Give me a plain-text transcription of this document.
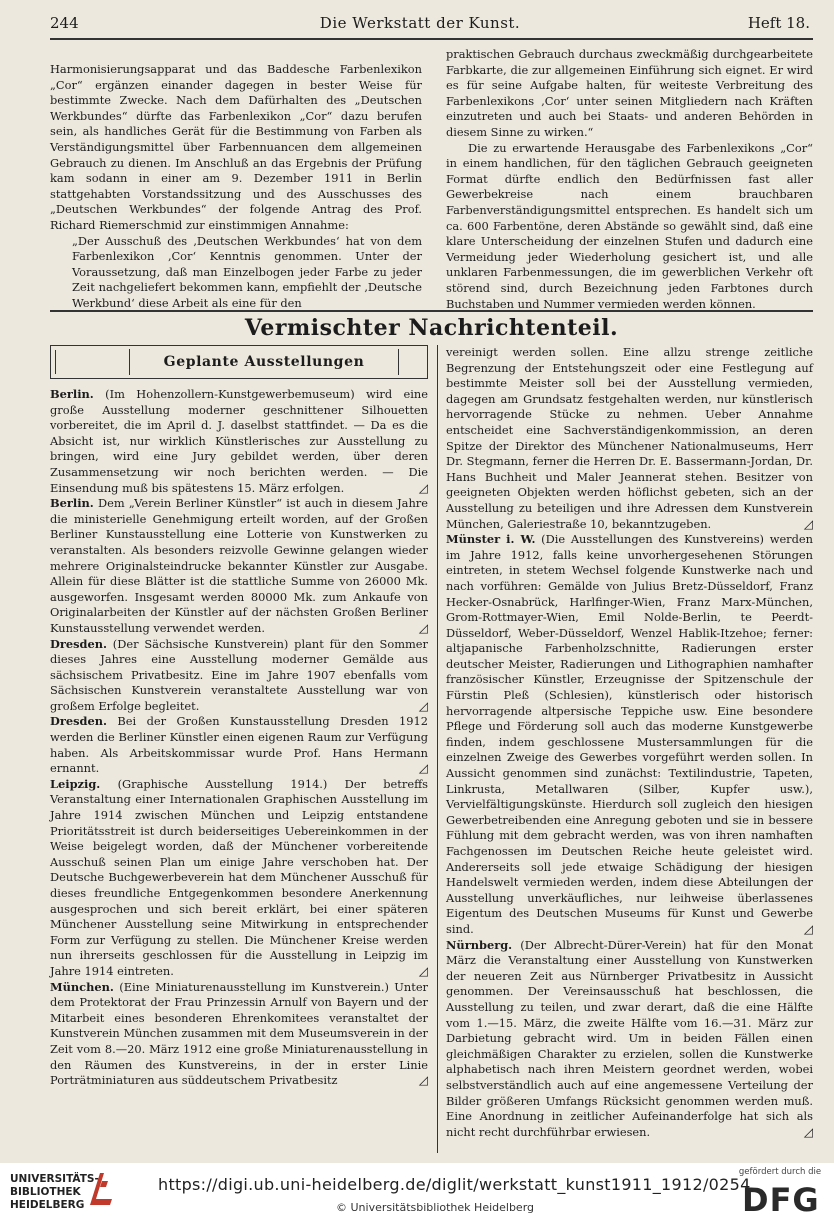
244	Die Werkstatt der Kunst.	Heft 18.

Harmonisierungsapparat und das Baddesche Farbenlexikon „Cor“ ergänzen einander dagegen in bester Weise für bestimmte Zwecke. Nach dem Dafürhalten des „Deutschen Werkbundes“ dürfte das Farbenlexikon „Cor“ dazu berufen sein, als handliches Gerät für die Bestimmung von Farben als Verständigungsmittel über Farbennuancen dem allgemeinen Gebrauch zu dienen. Im Anschluß an das Ergebnis der Prüfung kam sodann in einer am 9. Dezember 1911 in Berlin stattgehabten Vorstandssitzung und des Ausschusses des „Deutschen Werkbundes“ der folgende Antrag des Prof. Richard Riemerschmid zur einstimmigen Annahme:

„Der Ausschuß des ‚Deutschen Werkbundes‘ hat von dem Farbenlexikon ‚Cor‘ Kenntnis genommen. Unter der Voraussetzung, daß man Einzelbogen jeder Farbe zu jeder Zeit nachgeliefert bekommen kann, empfiehlt der ‚Deutsche Werkbund‘ diese Arbeit als eine für den

praktischen Gebrauch durchaus zweckmäßig durchgearbeitete Farbkarte, die zur allgemeinen Einführung sich eignet. Er wird es für seine Aufgabe halten, für weiteste Verbreitung des Farbenlexikons ‚Cor‘ unter seinen Mitgliedern nach Kräften einzutreten und auch bei Staats- und anderen Behörden in diesem Sinne zu wirken.“

Die zu erwartende Herausgabe des Farbenlexikons „Cor“ in einem handlichen, für den täglichen Gebrauch geeigneten Format dürfte endlich den Bedürfnissen fast aller Gewerbekreise nach einem brauchbaren Farbenverständigungsmittel entsprechen. Es handelt sich um ca. 600 Farbentöne, deren Abstände so gewählt sind, daß eine klare Unterscheidung der einzelnen Stufen und dadurch eine Vermeidung jeder Wiederholung gesichert ist, und alle unklaren Farbenmessungen, die im gewerblichen Verkehr oft störend sind, durch Bezeichnung jeden Farbtones durch Buchstaben und Nummer vermieden werden können.

Vermischter Nachrichtenteil.
Geplante Ausstellungen

Berlin. (Im Hohenzollern-Kunstgewerbemuseum) wird eine große Ausstellung moderner geschnittener Silhouetten vorbereitet, die im April d. J. daselbst stattfindet. — Da es die Absicht ist, nur wirklich Künstlerisches zur Ausstellung zu bringen, wird eine Jury gebildet werden, über deren Zusammensetzung wir noch berichten werden. — Die Einsendung muß bis spätestens 15. März erfolgen.	◿

Berlin. Dem „Verein Berliner Künstler“ ist auch in diesem Jahre die ministerielle Genehmigung erteilt worden, auf der Großen Berliner Kunstausstellung eine Lotterie von Kunstwerken zu veranstalten. Als besonders reizvolle Gewinne gelangen wieder mehrere Originalsteindrucke bekannter Künstler zur Ausgabe. Allein für diese Blätter ist die stattliche Summe von 26000 Mk. ausgeworfen. Insgesamt werden 80000 Mk. zum Ankaufe von Originalarbeiten der Künstler auf der nächsten Großen Berliner Kunstausstellung verwendet werden.	◿

Dresden. (Der Sächsische Kunstverein) plant für den Sommer dieses Jahres eine Ausstellung moderner Gemälde aus sächsischem Privatbesitz. Eine im Jahre 1907 ebenfalls vom Sächsischen Kunstverein veranstaltete Ausstellung war von großem Erfolge begleitet.	◿

Dresden. Bei der Großen Kunstausstellung Dresden 1912 werden die Berliner Künstler einen eigenen Raum zur Verfügung haben. Als Arbeitskommissar wurde Prof. Hans Hermann ernannt.	◿

Leipzig. (Graphische Ausstellung 1914.) Der betreffs Veranstaltung einer Internationalen Graphischen Ausstellung im Jahre 1914 zwischen München und Leipzig entstandene Prioritätsstreit ist durch beiderseitiges Uebereinkommen in der Weise beigelegt worden, daß der Münchener vorbereitende Ausschuß seinen Plan um einige Jahre verschoben hat. Der Deutsche Buchgewerbeverein hat dem Münchener Ausschuß für dieses freundliche Entgegenkommen besondere Anerkennung ausgesprochen und sich bereit erklärt, bei einer späteren Münchener Ausstellung seine Mitwirkung in entsprechender Form zur Verfügung zu stellen. Die Münchener Kreise werden nun ihrerseits geschlossen für die Ausstellung in Leipzig im Jahre 1914 eintreten.	◿

München. (Eine Miniaturenausstellung im Kunstverein.) Unter dem Protektorat der Frau Prinzessin Arnulf von Bayern und der Mitarbeit eines besonderen Ehrenkomitees veranstaltet der Kunstverein München zusammen mit dem Museumsverein in der Zeit vom 8.—20. März 1912 eine große Miniaturenausstellung in den Räumen des Kunstvereins, in der in erster Linie Porträtminiaturen aus süddeutschem Privatbesitz	◿

vereinigt werden sollen. Eine allzu strenge zeitliche Begrenzung der Entstehungszeit oder eine Festlegung auf bestimmte Meister soll bei der Ausstellung vermieden, dagegen am Grundsatz festgehalten werden, nur künstlerisch hervorragende Stücke zu nehmen. Ueber Annahme entscheidet eine Sachverständigenkommission, an deren Spitze der Direktor des Münchener Nationalmuseums, Herr Dr. Stegmann, ferner die Herren Dr. E. Bassermann-Jordan, Dr. Hans Buchheit und Maler Jeannerat stehen. Besitzer von geeigneten Objekten werden höflichst gebeten, sich an der Ausstellung zu beteiligen und ihre Adressen dem Kunstverein München, Galeriestraße 10, bekanntzugeben.	◿

Münster i. W. (Die Ausstellungen des Kunstvereins) werden im Jahre 1912, falls keine unvorhergesehenen Störungen eintreten, in stetem Wechsel folgende Kunstwerke nach und nach vorführen: Gemälde von Julius Bretz-Düsseldorf, Franz Hecker-Osnabrück, Harlfinger-Wien, Franz Marx-München, Grom-Rottmayer-Wien, Emil Nolde-Berlin, te Peerdt-Düsseldorf, Weber-Düsseldorf, Wenzel Hablik-Itzehoe; ferner: altjapanische Farbenholzschnitte, Radierungen erster deutscher Meister, Radierungen und Lithographien namhafter französischer Künstler, Erzeugnisse der Spitzenschule der Fürstin Pleß (Schlesien), künstlerisch oder historisch hervorragende altpersische Teppiche usw. Eine besondere Pflege und Förderung soll auch das moderne Kunstgewerbe finden, indem geschlossene Mustersammlungen für die einzelnen Zweige des Gewerbes vorgeführt werden sollen. In Aussicht genommen sind zunächst: Textilindustrie, Tapeten, Linkrusta, Metallwaren (Silber, Kupfer usw.), Vervielfältigungskünste. Hierdurch soll zugleich den hiesigen Gewerbetreibenden eine Anregung geboten und sie in bessere Fühlung mit dem gebracht werden, was von ihren namhaften Fachgenossen im Deutschen Reiche heute geleistet wird. Andererseits soll jede etwaige Schädigung der hiesigen Handelswelt vermieden werden, indem diese Abteilungen der Ausstellung unverkäufliches, nur leihweise überlassenes Eigentum des Deutschen Museums für Kunst und Gewerbe sind.	◿

Nürnberg. (Der Albrecht-Dürer-Verein) hat für den Monat März die Veranstaltung einer Ausstellung von Kunstwerken der neueren Zeit aus Nürnberger Privatbesitz in Aussicht genommen. Der Vereinsausschuß hat beschlossen, die Ausstellung zu teilen, und zwar derart, daß die eine Hälfte vom 1.—15. März, die zweite Hälfte vom 16.—31. März zur Darbietung gebracht wird. Um in beiden Fällen einen gleichmäßigen Charakter zu erzielen, sollen die Kunstwerke alphabetisch nach ihren Meistern geordnet werden, wobei selbstverständlich auch auf eine angemessene Verteilung der Bilder größeren Umfangs Rücksicht genommen werden muß. Eine Anordnung in zeitlicher Aufeinanderfolge hat sich als nicht recht durchführbar erwiesen.	◿

UNIVERSITÄTS-
BIBLIOTHEK
HEIDELBERG
https://digi.ub.uni-heidelberg.de/diglit/werkstatt_kunst1911_1912/0254
© Universitätsbibliothek Heidelberg
gefördert durch die
DFG
